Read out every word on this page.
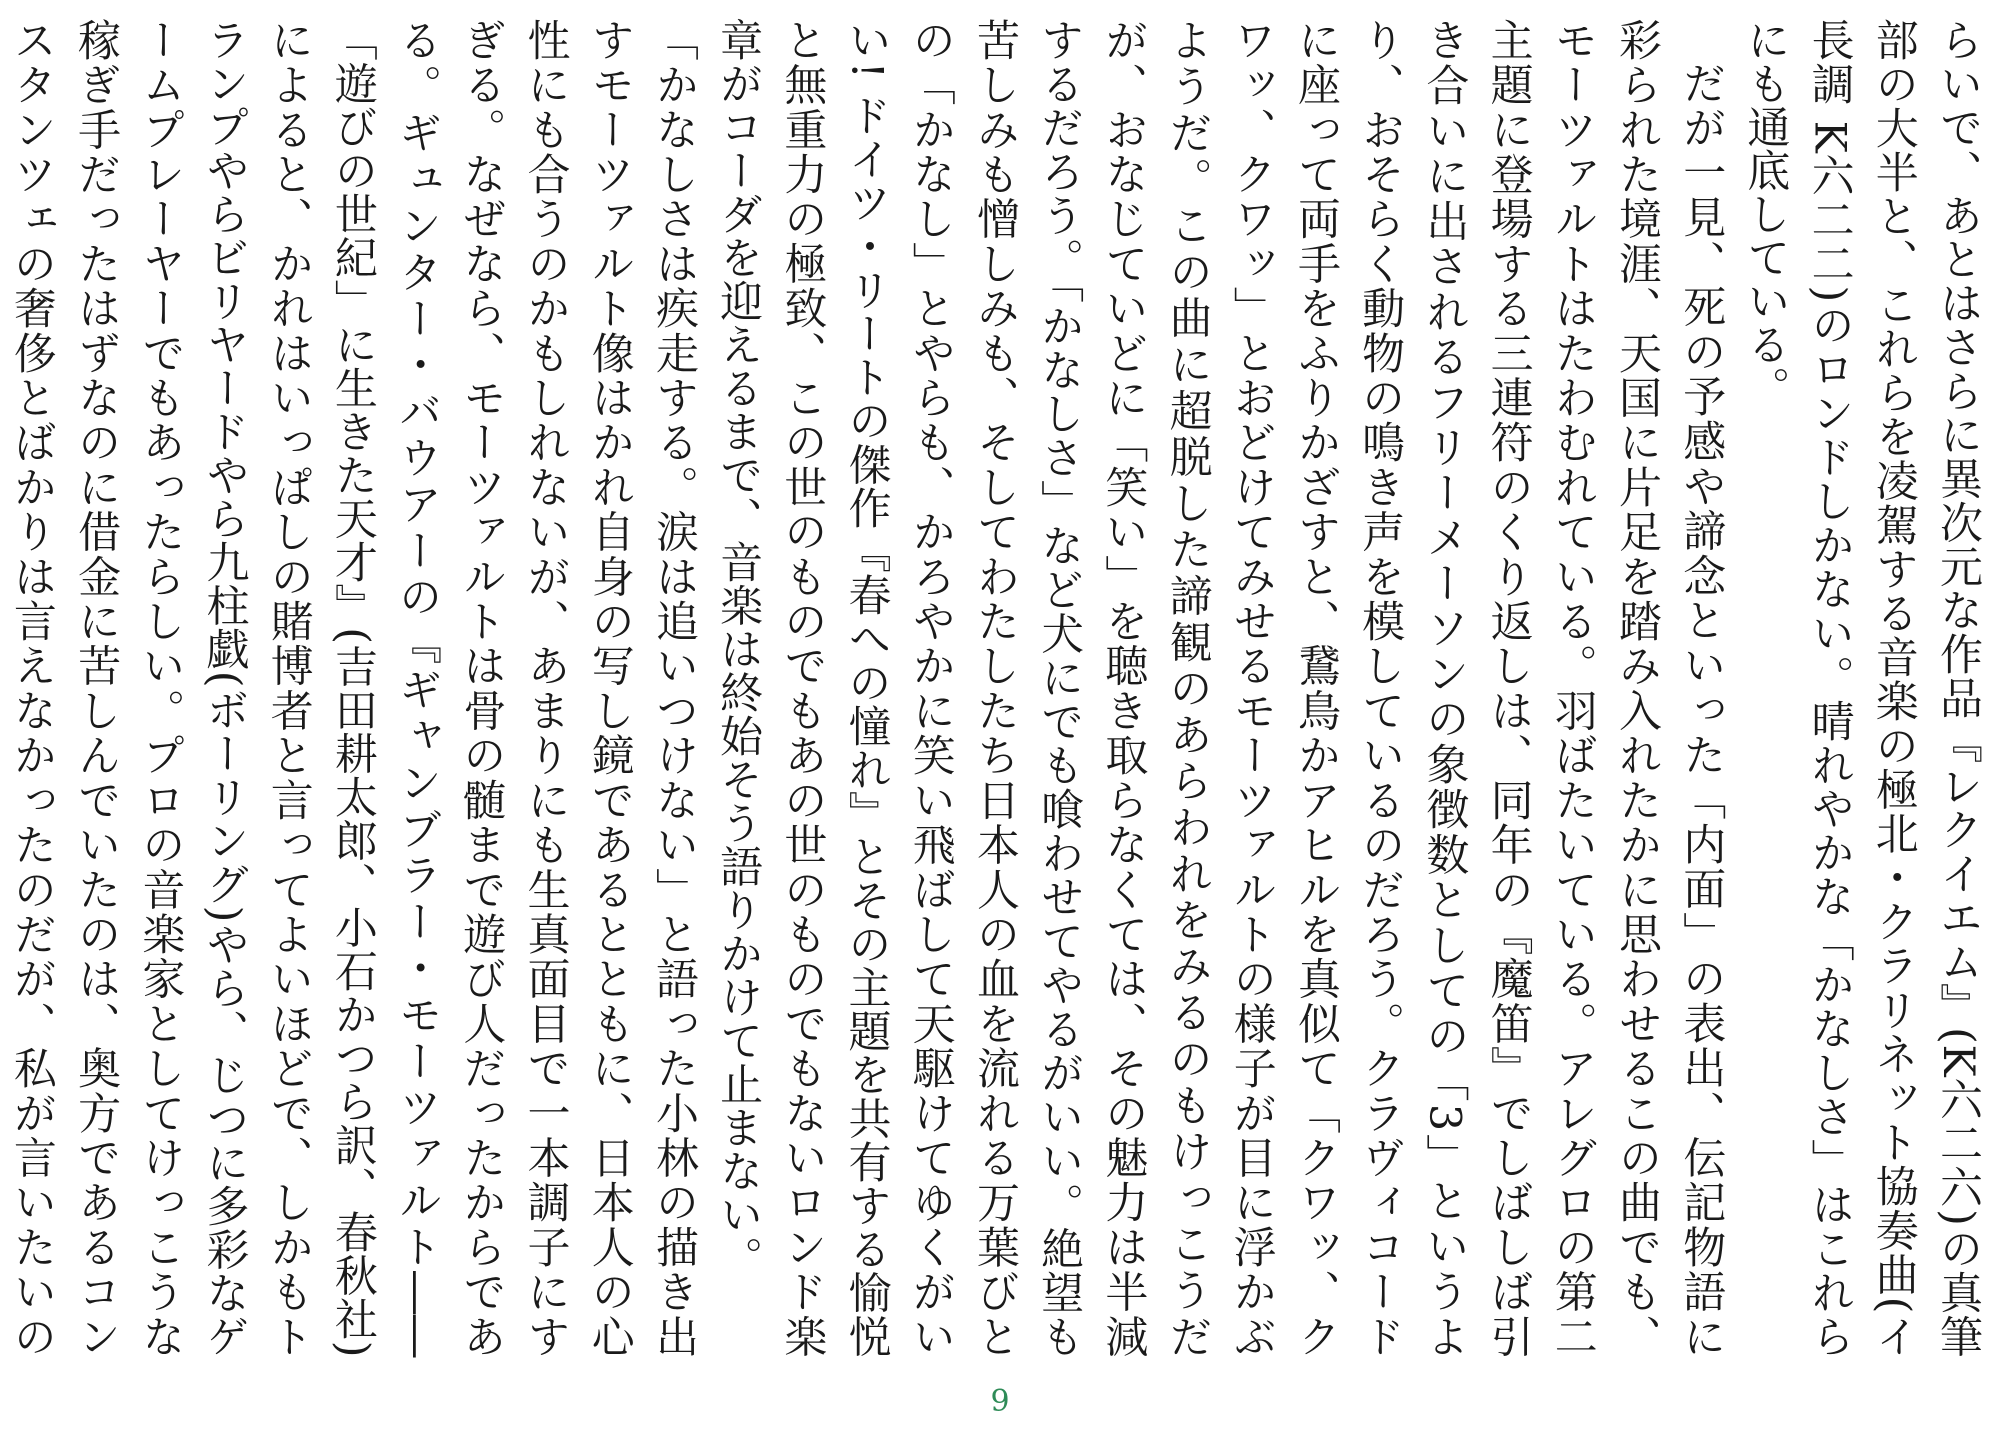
らいで、あとはさらに異次元な作品『レクイエム』(K六二六)の真筆部の大半と、これらを凌駕する音楽の極北・クラリネット協奏曲(イ長調 K六二二)のロンドしかない。晴れやかな「かなしさ」はこれらにも通底している。

だが一見、死の予感や諦念といった「内面」の表出、伝記物語に彩られた境涯、天国に片足を踏み入れたかに思わせるこの曲でも、モーツァルトはたわむれている。羽ばたいている。アレグロの第二主題に登場する三連符のくり返しは、同年の『魔笛』でしばしば引き合いに出されるフリーメーソンの象徴数としての「3」というより、おそらく動物の鳴き声を模しているのだろう。クラヴィコードに座って両手をふりかざすと、鵞鳥かアヒルを真似て「クワッ、クワッ、クワッ」とおどけてみせるモーツァルトの様子が目に浮かぶようだ。この曲に超脱した諦観のあらわれをみるのもけっこうだが、おなじていどに「笑い」を聴き取らなくては、その魅力は半減するだろう。「かなしさ」など犬にでも喰わせてやるがいい。絶望も苦しみも憎しみも、そしてわたしたち日本人の血を流れる万葉びとの「かなし」とやらも、かろやかに笑い飛ばして天駆けてゆくがいい! ドイツ・リートの傑作『春への憧れ』とその主題を共有する愉悦と無重力の極致、この世のものでもあの世のものでもないロンド楽章がコーダを迎えるまで、音楽は終始そう語りかけて止まない。

「かなしさは疾走する。涙は追いつけない」と語った小林の描き出すモーツァルト像はかれ自身の写し鏡であるとともに、日本人の心性にも合うのかもしれないが、あまりにも生真面目で一本調子にすぎる。なぜなら、モーツァルトは骨の髄まで遊び人だったからである。ギュンター・バウアーの『ギャンブラー・モーツァルト――「遊びの世紀」に生きた天才』(吉田耕太郎、小石かつら訳、春秋社)によると、かれはいっぱしの賭博者と言ってよいほどで、しかもトランプやらビリヤードやら九柱戯(ボーリング)やら、じつに多彩なゲームプレーヤーでもあったらしい。プロの音楽家としてけっこうな稼ぎ手だったはずなのに借金に苦しんでいたのは、奥方であるコンスタンツェの奢侈とばかりは言えなかったのだが、私が言いたいの

9
